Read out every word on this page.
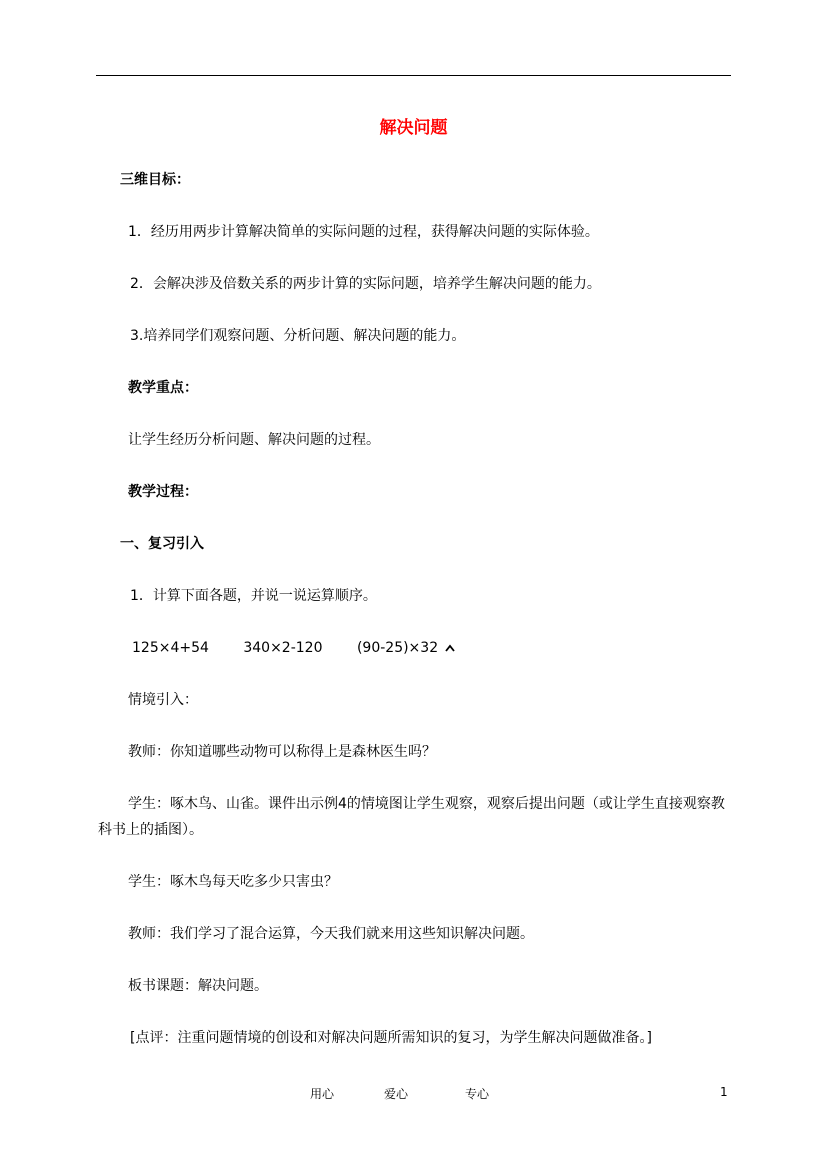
解决问题
三维目标：
1．经历用两步计算解决简单的实际问题的过程，获得解决问题的实际体验。
2．会解决涉及倍数关系的两步计算的实际问题，培养学生解决问题的能力。
3.培养同学们观察问题、分析问题、解决问题的能力。
教学重点：
让学生经历分析问题、解决问题的过程。
教学过程：
一、复习引入
1．计算下面各题，并说一说运算顺序。
125×4+54 340×2-120 (90-25)×32
情境引入：
教师：你知道哪些动物可以称得上是森林医生吗？
学生：啄木鸟、山雀。课件出示例4的情境图让学生观察，观察后提出问题（或让学生直接观察教科书上的插图）。
学生：啄木鸟每天吃多少只害虫？
教师：我们学习了混合运算，今天我们就来用这些知识解决问题。
板书课题：解决问题。
[点评：注重问题情境的创设和对解决问题所需知识的复习，为学生解决问题做准备。]
用心	爱心	专心	1
